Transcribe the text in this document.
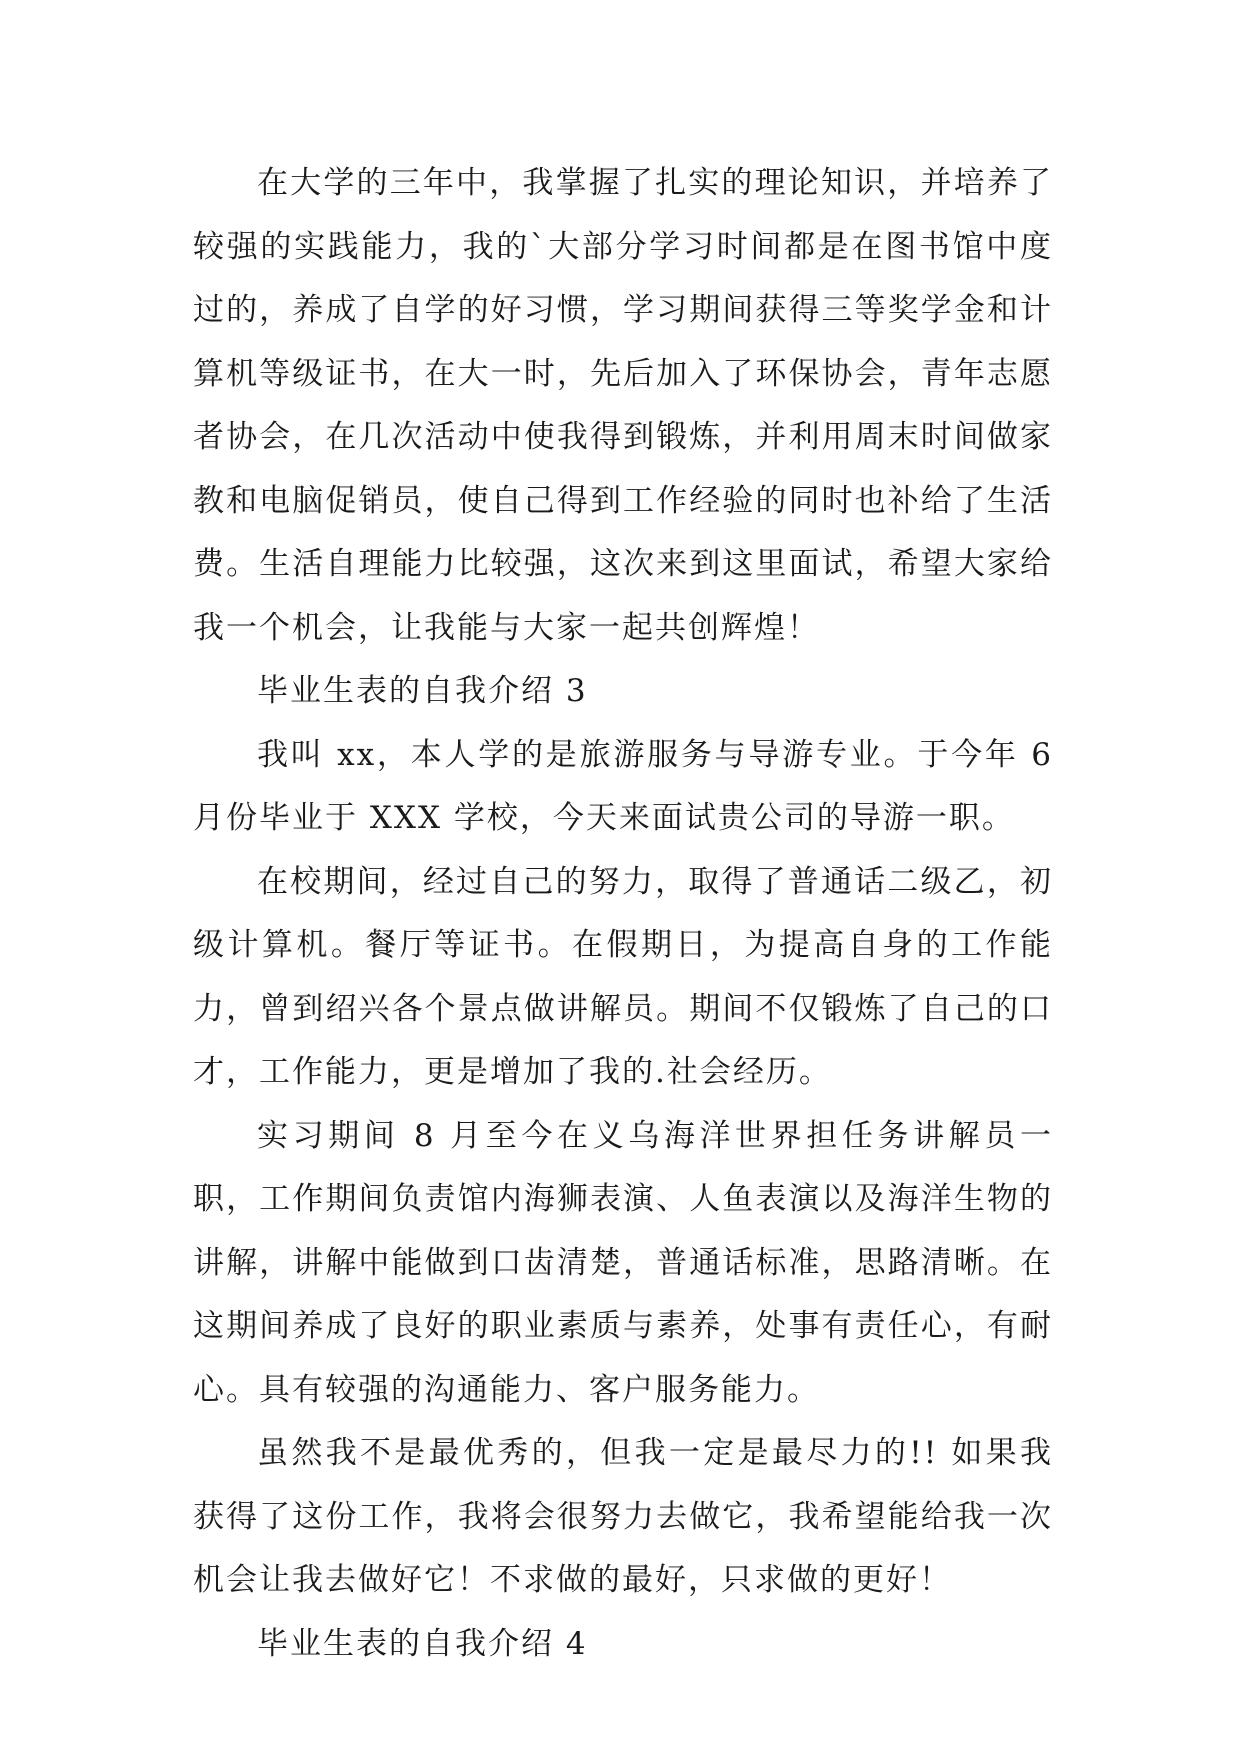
在大学的三年中，我掌握了扎实的理论知识，并培养了较强的实践能力，我的`大部分学习时间都是在图书馆中度过的，养成了自学的好习惯，学习期间获得三等奖学金和计算机等级证书，在大一时，先后加入了环保协会，青年志愿者协会，在几次活动中使我得到锻炼，并利用周末时间做家教和电脑促销员，使自己得到工作经验的同时也补给了生活费。生活自理能力比较强，这次来到这里面试，希望大家给我一个机会，让我能与大家一起共创辉煌！

毕业生表的自我介绍 3

我叫 xx，本人学的是旅游服务与导游专业。于今年 6 月份毕业于 XXX 学校，今天来面试贵公司的导游一职。

在校期间，经过自己的努力，取得了普通话二级乙，初级计算机。餐厅等证书。在假期日，为提高自身的工作能力，曾到绍兴各个景点做讲解员。期间不仅锻炼了自己的口才，工作能力，更是增加了我的.社会经历。

实习期间 8 月至今在义乌海洋世界担任务讲解员一职，工作期间负责馆内海狮表演、人鱼表演以及海洋生物的讲解，讲解中能做到口齿清楚，普通话标准，思路清晰。在这期间养成了良好的职业素质与素养，处事有责任心，有耐心。具有较强的沟通能力、客户服务能力。

虽然我不是最优秀的，但我一定是最尽力的!! 如果我获得了这份工作，我将会很努力去做它，我希望能给我一次机会让我去做好它！不求做的最好，只求做的更好！

毕业生表的自我介绍 4
